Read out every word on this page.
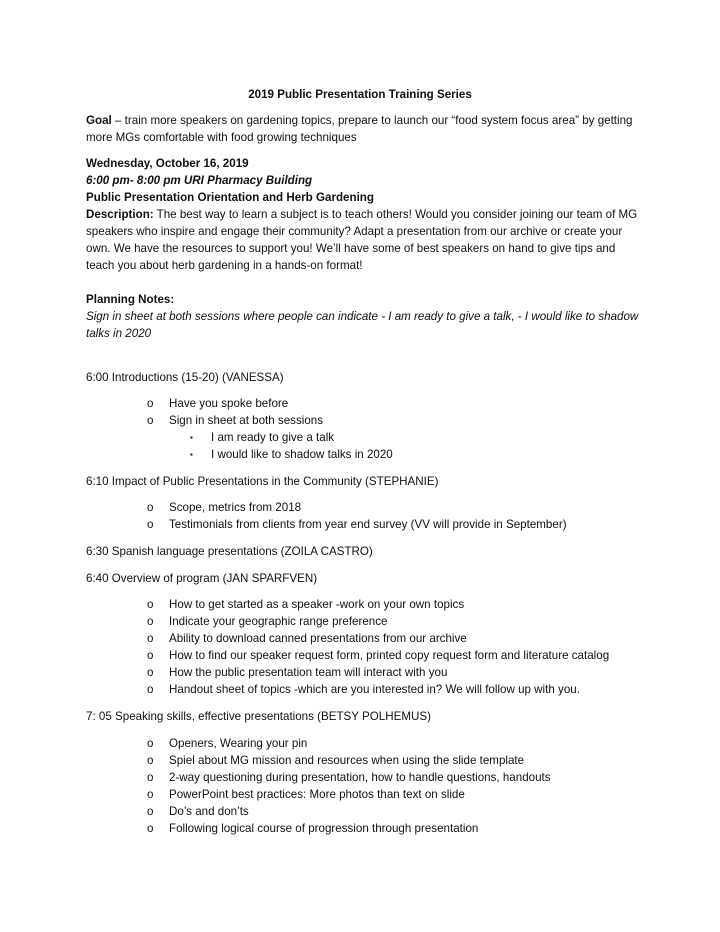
2019 Public Presentation Training Series
Goal – train more speakers on gardening topics, prepare to launch our “food system focus area” by getting more MGs comfortable with food growing techniques
Wednesday, October 16, 2019
6:00 pm- 8:00 pm URI Pharmacy Building
Public Presentation Orientation and Herb Gardening
Description: The best way to learn a subject is to teach others! Would you consider joining our team of MG speakers who inspire and engage their community? Adapt a presentation from our archive or create your own. We have the resources to support you! We’ll have some of best speakers on hand to give tips and teach you about herb gardening in a hands-on format!
Planning Notes:
Sign in sheet at both sessions where people can indicate - I am ready to give a talk, - I would like to shadow talks in 2020
6:00 Introductions (15-20) (VANESSA)
o Have you spoke before
o Sign in sheet at both sessions
▪ I am ready to give a talk
▪ I would like to shadow talks in 2020
6:10 Impact of Public Presentations in the Community (STEPHANIE)
o Scope, metrics from 2018
o Testimonials from clients from year end survey (VV will provide in September)
6:30 Spanish language presentations (ZOILA CASTRO)
6:40 Overview of program (JAN SPARFVEN)
o How to get started as a speaker -work on your own topics
o Indicate your geographic range preference
o Ability to download canned presentations from our archive
o How to find our speaker request form, printed copy request form and literature catalog
o How the public presentation team will interact with you
o Handout sheet of topics -which are you interested in? We will follow up with you.
7: 05 Speaking skills, effective presentations (BETSY POLHEMUS)
o Openers, Wearing your pin
o Spiel about MG mission and resources when using the slide template
o 2-way questioning during presentation, how to handle questions, handouts
o PowerPoint best practices: More photos than text on slide
o Do’s and don’ts
o Following logical course of progression through presentation
